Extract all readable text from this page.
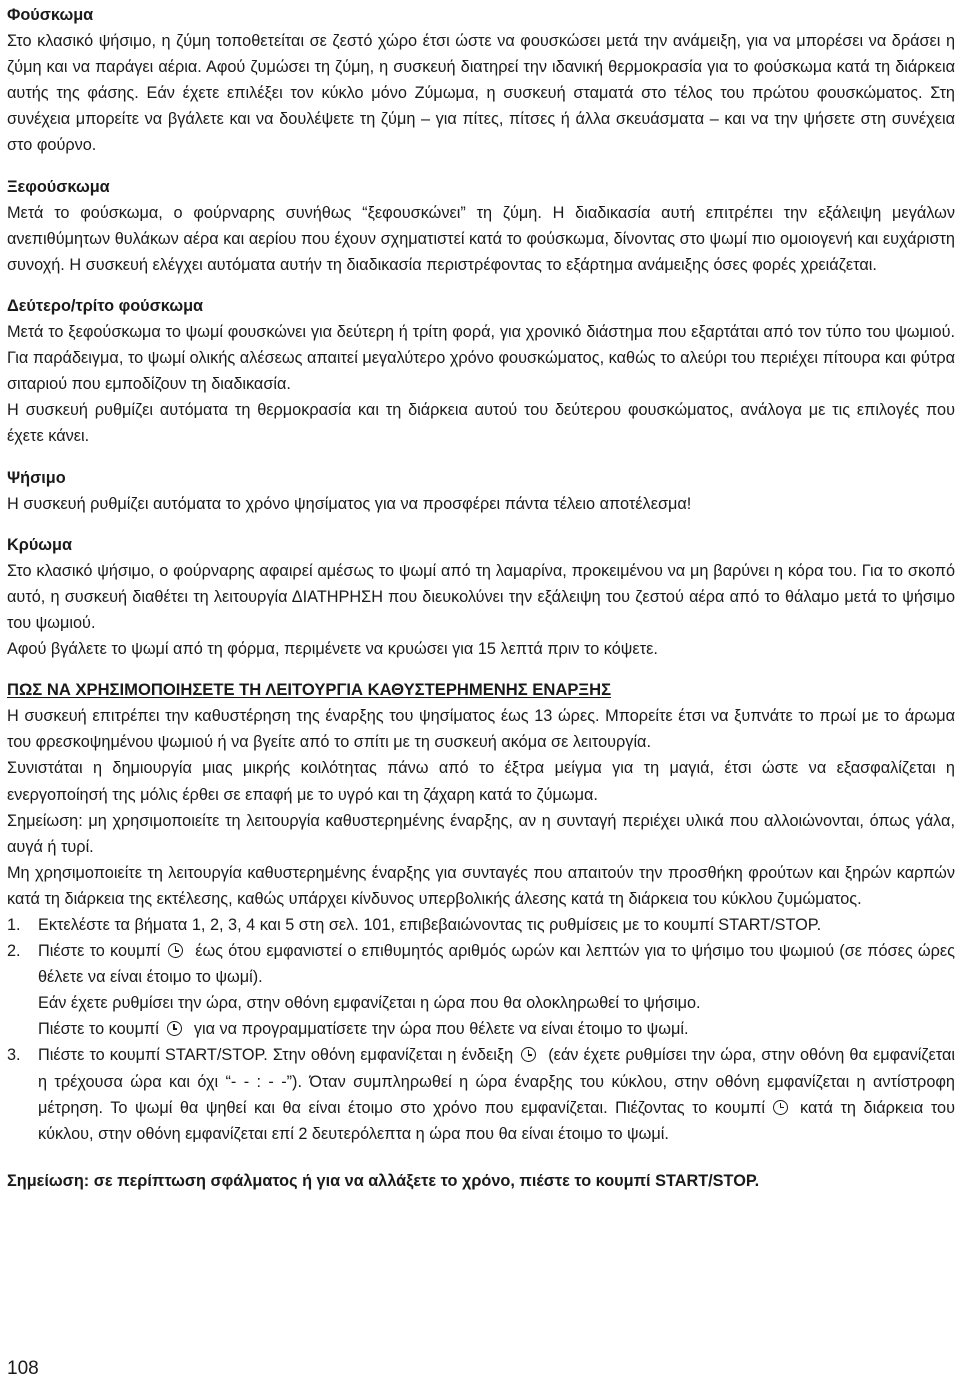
Φούσκωμα

Στο κλασικό ψήσιμο, η ζύμη τοποθετείται σε ζεστό χώρο έτσι ώστε να φουσκώσει μετά την ανάμειξη, για να μπορέσει να δράσει η ζύμη και να παράγει αέρια. Αφού ζυμώσει τη ζύμη, η συσκευή διατηρεί την ιδανική θερμοκρασία για το φούσκωμα κατά τη διάρκεια αυτής της φάσης. Εάν έχετε επιλέξει τον κύκλο μόνο Ζύμωμα, η συσκευή σταματά στο τέλος του πρώτου φουσκώματος. Στη συνέχεια μπορείτε να βγάλετε και να δουλέψετε τη ζύμη – για πίτες, πίτσες ή άλλα σκευάσματα – και να την ψήσετε στη συνέχεια στο φούρνο.

Ξεφούσκωμα

Μετά το φούσκωμα, ο φούρναρης συνήθως “ξεφουσκώνει” τη ζύμη. Η διαδικασία αυτή επιτρέπει την εξάλειψη μεγάλων ανεπιθύμητων θυλάκων αέρα και αερίου που έχουν σχηματιστεί κατά το φούσκωμα, δίνοντας στο ψωμί πιο ομοιογενή και ευχάριστη συνοχή. Η συσκευή ελέγχει αυτόματα αυτήν τη διαδικασία περιστρέφοντας το εξάρτημα ανάμειξης όσες φορές χρειάζεται.

Δεύτερο/τρίτο φούσκωμα

Μετά το ξεφούσκωμα το ψωμί φουσκώνει για δεύτερη ή τρίτη φορά, για χρονικό διάστημα που εξαρτάται από τον τύπο του ψωμιού. Για παράδειγμα, το ψωμί ολικής αλέσεως απαιτεί μεγαλύτερο χρόνο φουσκώματος, καθώς το αλεύρι του περιέχει πίτουρα και φύτρα σιταριού που εμποδίζουν τη διαδικασία.

Η συσκευή ρυθμίζει αυτόματα τη θερμοκρασία και τη διάρκεια αυτού του δεύτερου φουσκώματος, ανάλογα με τις επιλογές που έχετε κάνει.

Ψήσιμο

Η συσκευή ρυθμίζει αυτόματα το χρόνο ψησίματος για να προσφέρει πάντα τέλειο αποτέλεσμα!

Κρύωμα

Στο κλασικό ψήσιμο, ο φούρναρης αφαιρεί αμέσως το ψωμί από τη λαμαρίνα, προκειμένου να μη βαρύνει η κόρα του. Για το σκοπό αυτό, η συσκευή διαθέτει τη λειτουργία ΔΙΑΤΗΡΗΣΗ που διευκολύνει την εξάλειψη του ζεστού αέρα από το θάλαμο μετά το ψήσιμο του ψωμιού.

Αφού βγάλετε το ψωμί από τη φόρμα, περιμένετε να κρυώσει για 15 λεπτά πριν το κόψετε.

ΠΩΣ ΝΑ ΧΡΗΣΙΜΟΠΟΙΗΣΕΤΕ ΤΗ ΛΕΙΤΟΥΡΓΙΑ ΚΑΘΥΣΤΕΡΗΜΕΝΗΣ ΕΝΑΡΞΗΣ

Η συσκευή επιτρέπει την καθυστέρηση της έναρξης του ψησίματος έως 13 ώρες. Μπορείτε έτσι να ξυπνάτε το πρωί με το άρωμα του φρεσκοψημένου ψωμιού ή να βγείτε από το σπίτι με τη συσκευή ακόμα σε λειτουργία.

Συνιστάται η δημιουργία μιας μικρής κοιλότητας πάνω από το έξτρα μείγμα για τη μαγιά, έτσι ώστε να εξασφαλίζεται η ενεργοποίησή της μόλις έρθει σε επαφή με το υγρό και τη ζάχαρη κατά το ζύμωμα.

Σημείωση: μη χρησιμοποιείτε τη λειτουργία καθυστερημένης έναρξης, αν η συνταγή περιέχει υλικά που αλλοιώνονται, όπως γάλα, αυγά ή τυρί.

Μη χρησιμοποιείτε τη λειτουργία καθυστερημένης έναρξης για συνταγές που απαιτούν την προσθήκη φρούτων και ξηρών καρπών κατά τη διάρκεια της εκτέλεσης, καθώς υπάρχει κίνδυνος υπερβολικής άλεσης κατά τη διάρκεια του κύκλου ζυμώματος.

1. Εκτελέστε τα βήματα 1, 2, 3, 4 και 5 στη σελ. 101, επιβεβαιώνοντας τις ρυθμίσεις με το κουμπί START/STOP.
2. Πιέστε το κουμπί έως ότου εμφανιστεί ο επιθυμητός αριθμός ωρών και λεπτών για το ψήσιμο του ψωμιού (σε πόσες ώρες θέλετε να είναι έτοιμο το ψωμί).
Εάν έχετε ρυθμίσει την ώρα, στην οθόνη εμφανίζεται η ώρα που θα ολοκληρωθεί το ψήσιμο.
Πιέστε το κουμπί για να προγραμματίσετε την ώρα που θέλετε να είναι έτοιμο το ψωμί.
3. Πιέστε το κουμπί START/STOP. Στην οθόνη εμφανίζεται η ένδειξη (εάν έχετε ρυθμίσει την ώρα, στην οθόνη θα εμφανίζεται η τρέχουσα ώρα και όχι “- - : - -”). Όταν συμπληρωθεί η ώρα έναρξης του κύκλου, στην οθόνη εμφανίζεται η αντίστροφη μέτρηση. Το ψωμί θα ψηθεί και θα είναι έτοιμο στο χρόνο που εμφανίζεται. Πιέζοντας το κουμπί κατά τη διάρκεια του κύκλου, στην οθόνη εμφανίζεται επί 2 δευτερόλεπτα η ώρα που θα είναι έτοιμο το ψωμί.

Σημείωση: σε περίπτωση σφάλματος ή για να αλλάξετε το χρόνο, πιέστε το κουμπί START/STOP.

108
